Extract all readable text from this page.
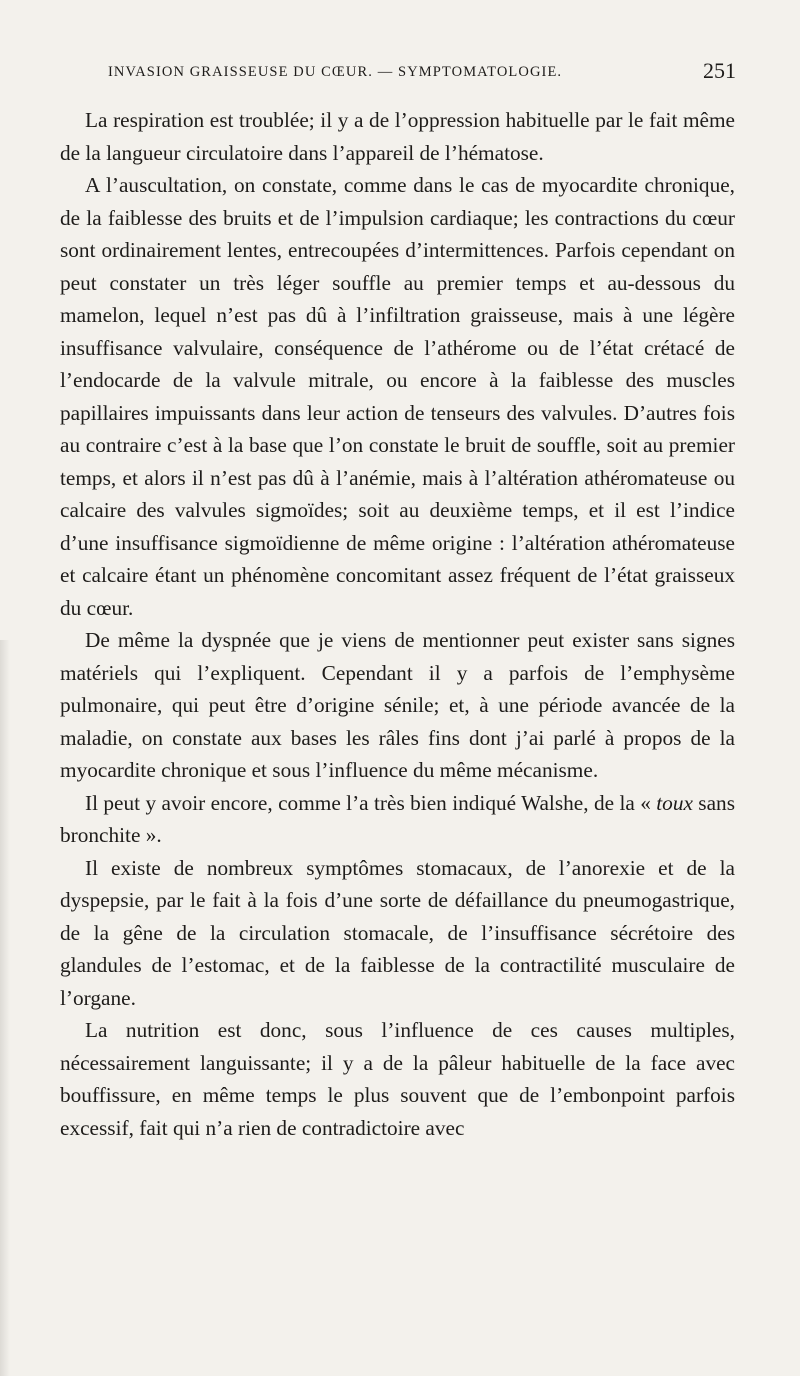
INVASION GRAISSEUSE DU CŒUR. — SYMPTOMATOLOGIE.	251

La respiration est troublée; il y a de l’oppression habituelle par le fait même de la langueur circulatoire dans l’appareil de l’hématose.

A l’auscultation, on constate, comme dans le cas de myocardite chronique, de la faiblesse des bruits et de l’impulsion cardiaque; les contractions du cœur sont ordinairement lentes, entrecoupées d’intermittences. Parfois cependant on peut constater un très léger souffle au premier temps et au-dessous du mamelon, lequel n’est pas dû à l’infiltration graisseuse, mais à une légère insuffisance valvulaire, conséquence de l’athérome ou de l’état crétacé de l’endocarde de la valvule mitrale, ou encore à la faiblesse des muscles papillaires impuissants dans leur action de tenseurs des valvules. D’autres fois au contraire c’est à la base que l’on constate le bruit de souffle, soit au premier temps, et alors il n’est pas dû à l’anémie, mais à l’altération athéromateuse ou calcaire des valvules sigmoïdes; soit au deuxième temps, et il est l’indice d’une insuffisance sigmoïdienne de même origine : l’altération athéromateuse et calcaire étant un phénomène concomitant assez fréquent de l’état graisseux du cœur.

De même la dyspnée que je viens de mentionner peut exister sans signes matériels qui l’expliquent. Cependant il y a parfois de l’emphysème pulmonaire, qui peut être d’origine sénile; et, à une période avancée de la maladie, on constate aux bases les râles fins dont j’ai parlé à propos de la myocardite chronique et sous l’influence du même mécanisme.

Il peut y avoir encore, comme l’a très bien indiqué Walshe, de la « toux sans bronchite ».

Il existe de nombreux symptômes stomacaux, de l’anorexie et de la dyspepsie, par le fait à la fois d’une sorte de défaillance du pneumogastrique, de la gêne de la circulation stomacale, de l’insuffisance sécrétoire des glandules de l’estomac, et de la faiblesse de la contractilité musculaire de l’organe.

La nutrition est donc, sous l’influence de ces causes multiples, nécessairement languissante; il y a de la pâleur habituelle de la face avec bouffissure, en même temps le plus souvent que de l’embonpoint parfois excessif, fait qui n’a rien de contradictoire avec
